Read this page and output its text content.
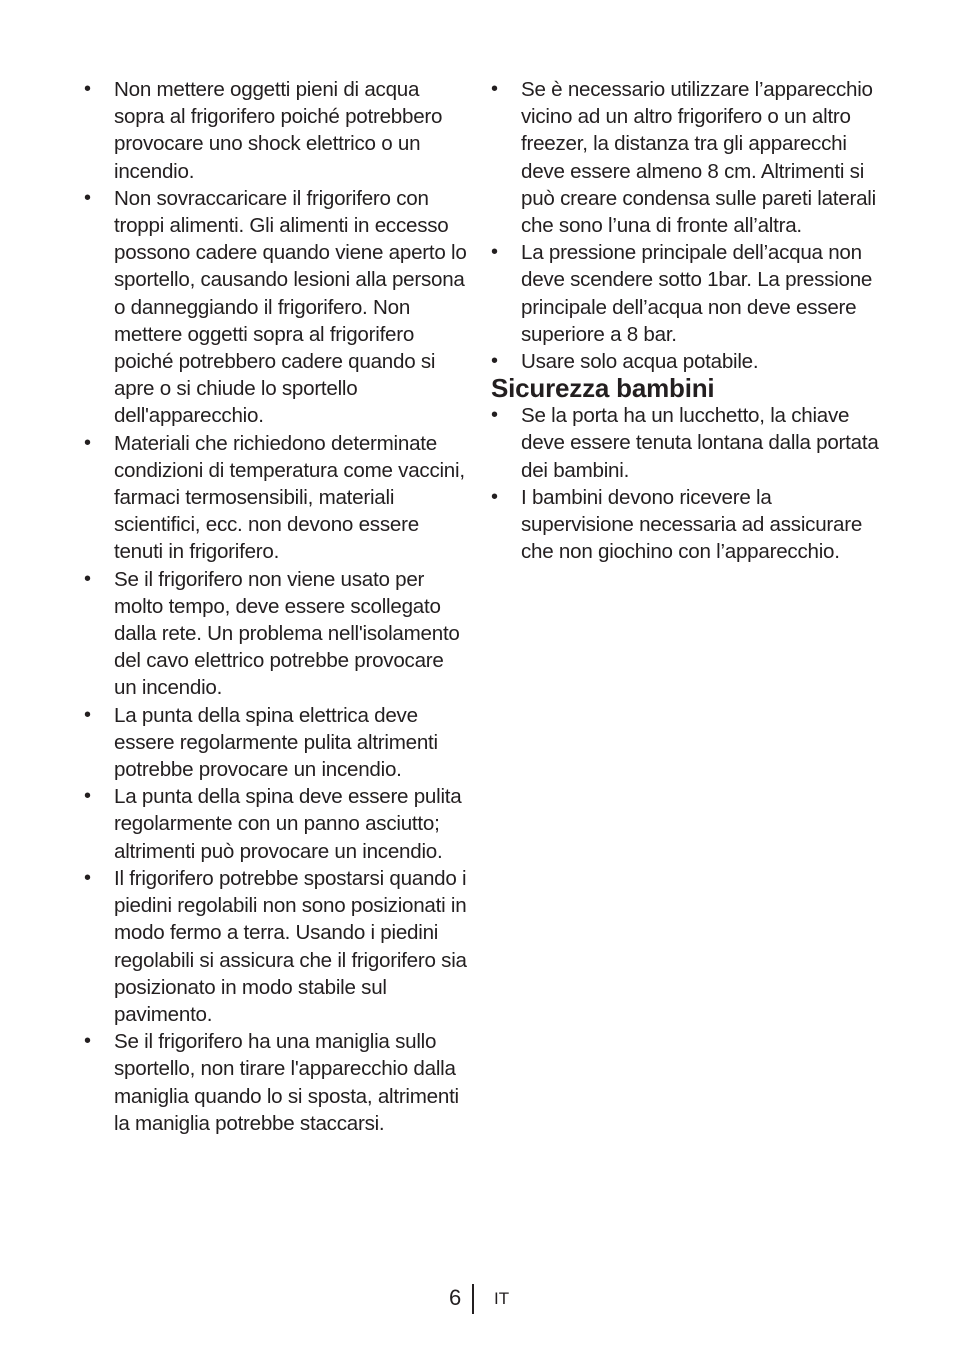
•	Non mettere oggetti pieni di acqua sopra al frigorifero poiché potrebbero provocare uno shock elettrico o un incendio.
•	Non sovraccaricare il frigorifero con troppi alimenti. Gli alimenti in eccesso possono cadere quando viene aperto lo sportello, causando lesioni alla persona o danneggiando il frigorifero. Non mettere oggetti sopra al frigorifero poiché potrebbero cadere quando si apre o si chiude lo sportello dell'apparecchio.
•	Materiali che richiedono determinate condizioni di temperatura come vaccini, farmaci termosensibili, materiali scientifici, ecc. non devono essere tenuti in frigorifero.
•	Se il frigorifero non viene usato per molto tempo, deve essere scollegato dalla rete. Un problema nell'isolamento del cavo elettrico potrebbe provocare un incendio.
•	La punta della spina elettrica deve essere regolarmente pulita altrimenti potrebbe provocare un incendio.
•	La punta della spina deve essere pulita regolarmente con un panno asciutto; altrimenti può provocare un incendio.
•	Il frigorifero potrebbe spostarsi quando i piedini regolabili non sono posizionati in modo fermo a terra. Usando i piedini regolabili si assicura che il frigorifero sia posizionato in modo stabile sul pavimento.
•	Se il frigorifero ha una maniglia sullo sportello, non tirare l'apparecchio dalla maniglia quando lo si sposta, altrimenti la maniglia potrebbe staccarsi.
•	Se è necessario utilizzare l’apparecchio vicino ad un altro frigorifero o un altro freezer, la distanza tra gli apparecchi deve essere almeno 8 cm. Altrimenti si può creare condensa sulle pareti laterali che sono l’una di fronte all’altra.
•	La pressione principale dell’acqua non deve scendere sotto 1bar. La pressione principale dell’acqua non deve essere superiore a 8 bar.
•	Usare solo acqua potabile.
Sicurezza bambini
•	Se la porta ha un lucchetto, la chiave deve essere tenuta lontana dalla portata dei bambini.
•	I bambini devono ricevere la supervisione necessaria ad assicurare che non giochino con l’apparecchio.
6 IT
